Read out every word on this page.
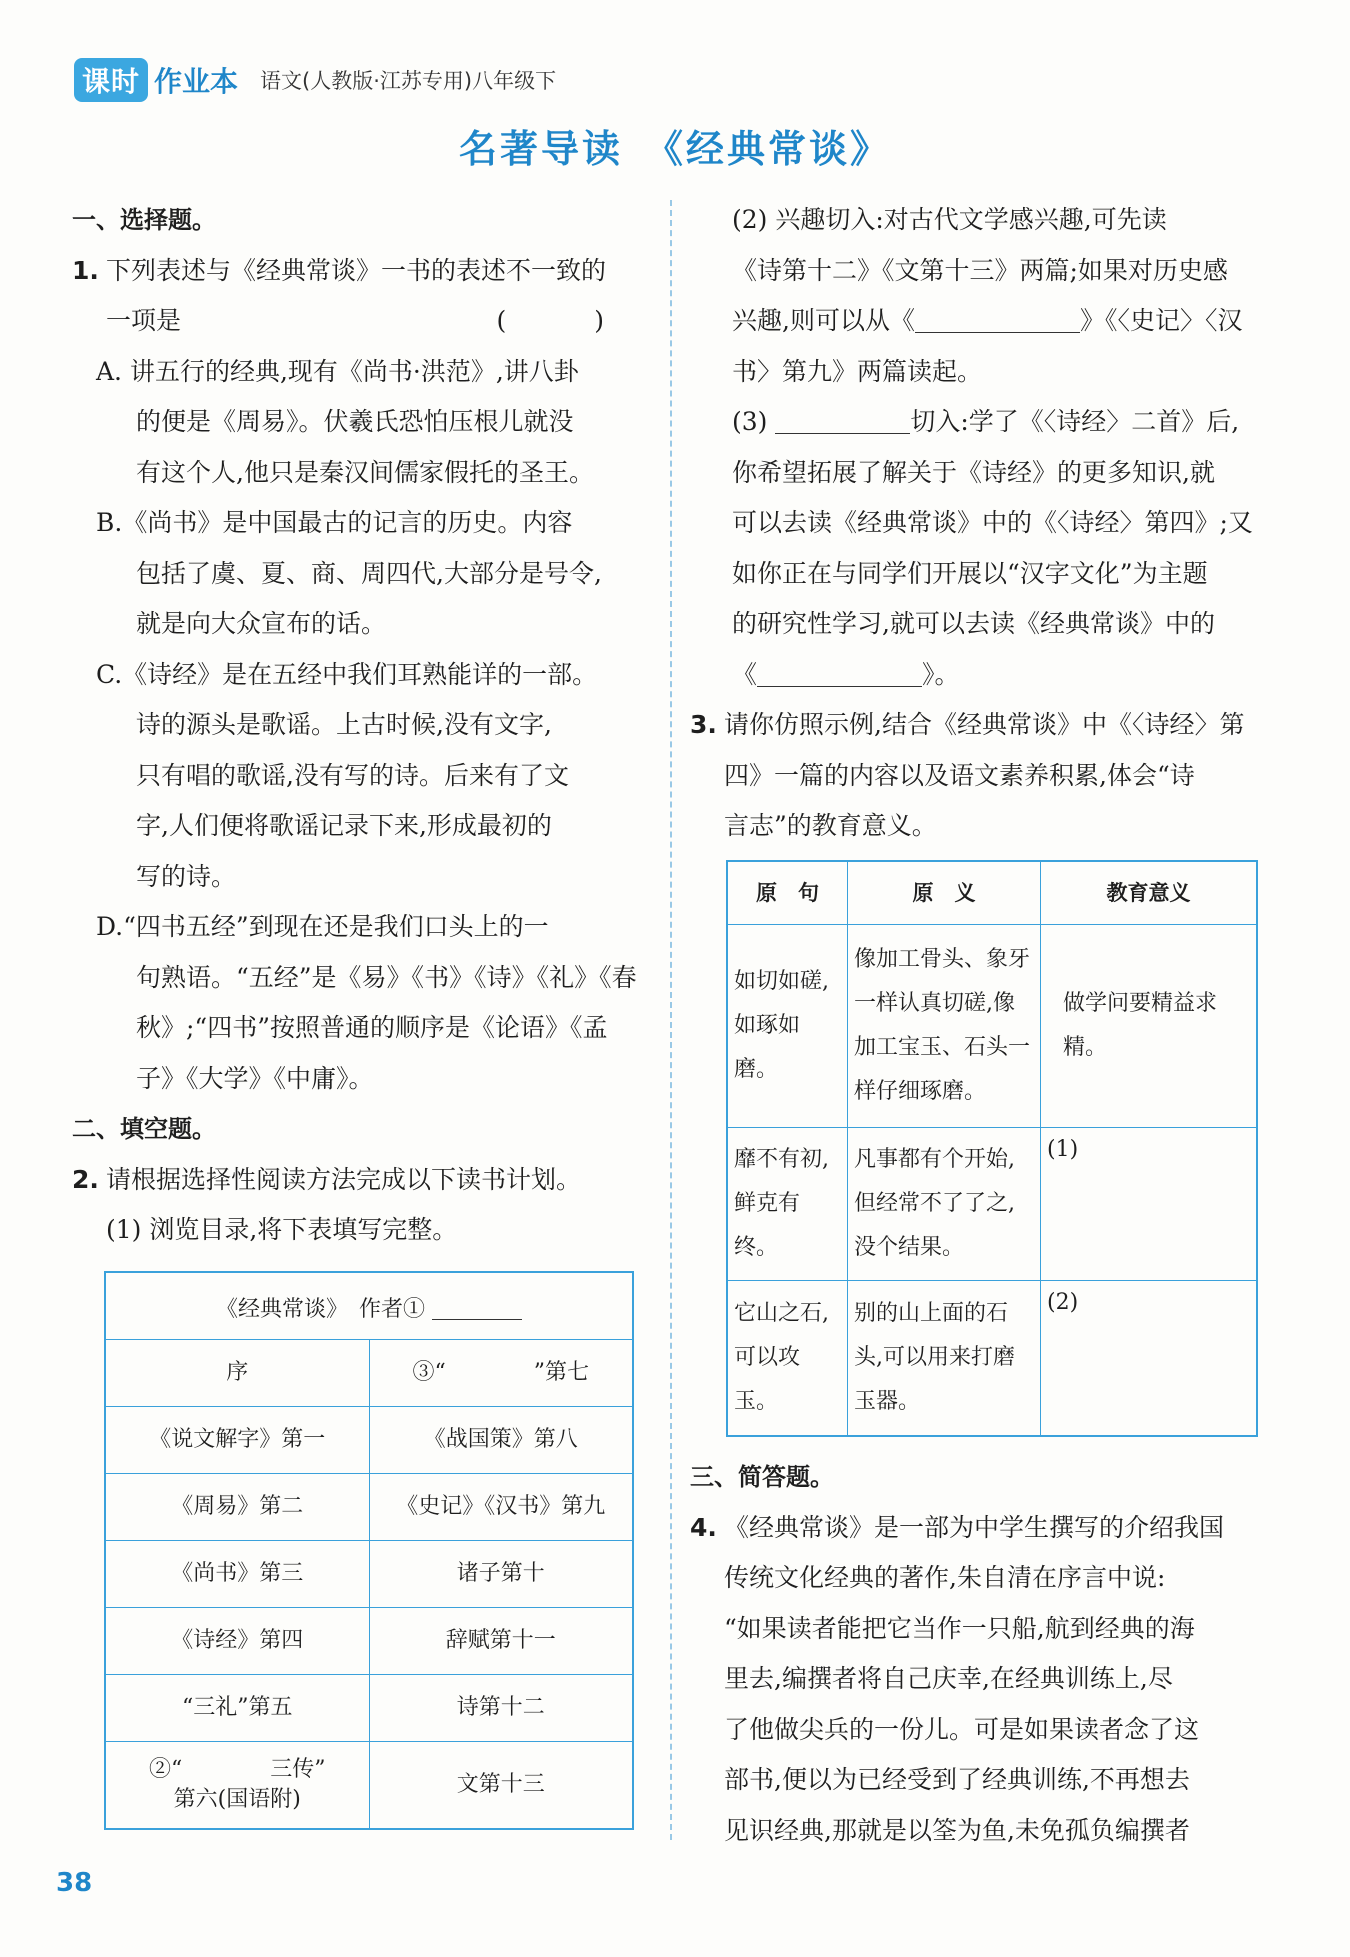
课时 作业本 语文(人教版·江苏专用)八年级下
名著导读　《经典常谈》
一、选择题。
1. 下列表述与《经典常谈》一书的表述不一致的
一项是	( )
A. 讲五行的经典,现有《尚书·洪范》,讲八卦
的便是《周易》。伏羲氏恐怕压根儿就没
有这个人,他只是秦汉间儒家假托的圣王。
B.《尚书》是中国最古的记言的历史。内容
包括了虞、夏、商、周四代,大部分是号令,
就是向大众宣布的话。
C.《诗经》是在五经中我们耳熟能详的一部。
诗的源头是歌谣。上古时候,没有文字,
只有唱的歌谣,没有写的诗。后来有了文
字,人们便将歌谣记录下来,形成最初的
写的诗。
D.“四书五经”到现在还是我们口头上的一
句熟语。“五经”是《易》《书》《诗》《礼》《春
秋》;“四书”按照普通的顺序是《论语》《孟
子》《大学》《中庸》。
二、填空题。
2. 请根据选择性阅读方法完成以下读书计划。
(1) 浏览目录,将下表填写完整。
《经典常谈》　作者①	
序	③“　　　　”第七
《说文解字》第一	《战国策》第八
《周易》第二	《史记》《汉书》第九
《尚书》第三	诸子第十
《诗经》第四	辞赋第十一
“三礼”第五	诗第十二

②“　　　　三传”
第六(国语附)	文第十三
(2) 兴趣切入:对古代文学感兴趣,可先读
《诗第十二》《文第十三》两篇;如果对历史感
兴趣,则可以从《	》《〈史记〉〈汉
书〉第九》两篇读起。
(3)	切入:学了《〈诗经〉二首》后,
你希望拓展了解关于《诗经》的更多知识,就
可以去读《经典常谈》中的《〈诗经〉第四》;又
如你正在与同学们开展以“汉字文化”为主题
的研究性学习,就可以去读《经典常谈》中的
《	》。
3. 请你仿照示例,结合《经典常谈》中《〈诗经〉第
四》一篇的内容以及语文素养积累,体会“诗
言志”的教育意义。
原　句	原　义	教育意义
如切如磋,如琢如磨。	像加工骨头、象牙一样认真切磋,像加工宝玉、石头一样仔细琢磨。	做学问要精益求精。
靡不有初,鲜克有终。	凡事都有个开始,但经常不了了之,没个结果。	(1)
它山之石,可以攻玉。	别的山上面的石头,可以用来打磨玉器。	(2)
三、简答题。
4. 《经典常谈》是一部为中学生撰写的介绍我国
传统文化经典的著作,朱自清在序言中说:
“如果读者能把它当作一只船,航到经典的海
里去,编撰者将自己庆幸,在经典训练上,尽
了他做尖兵的一份儿。可是如果读者念了这
部书,便以为已经受到了经典训练,不再想去
见识经典,那就是以筌为鱼,未免孤负编撰者
38
